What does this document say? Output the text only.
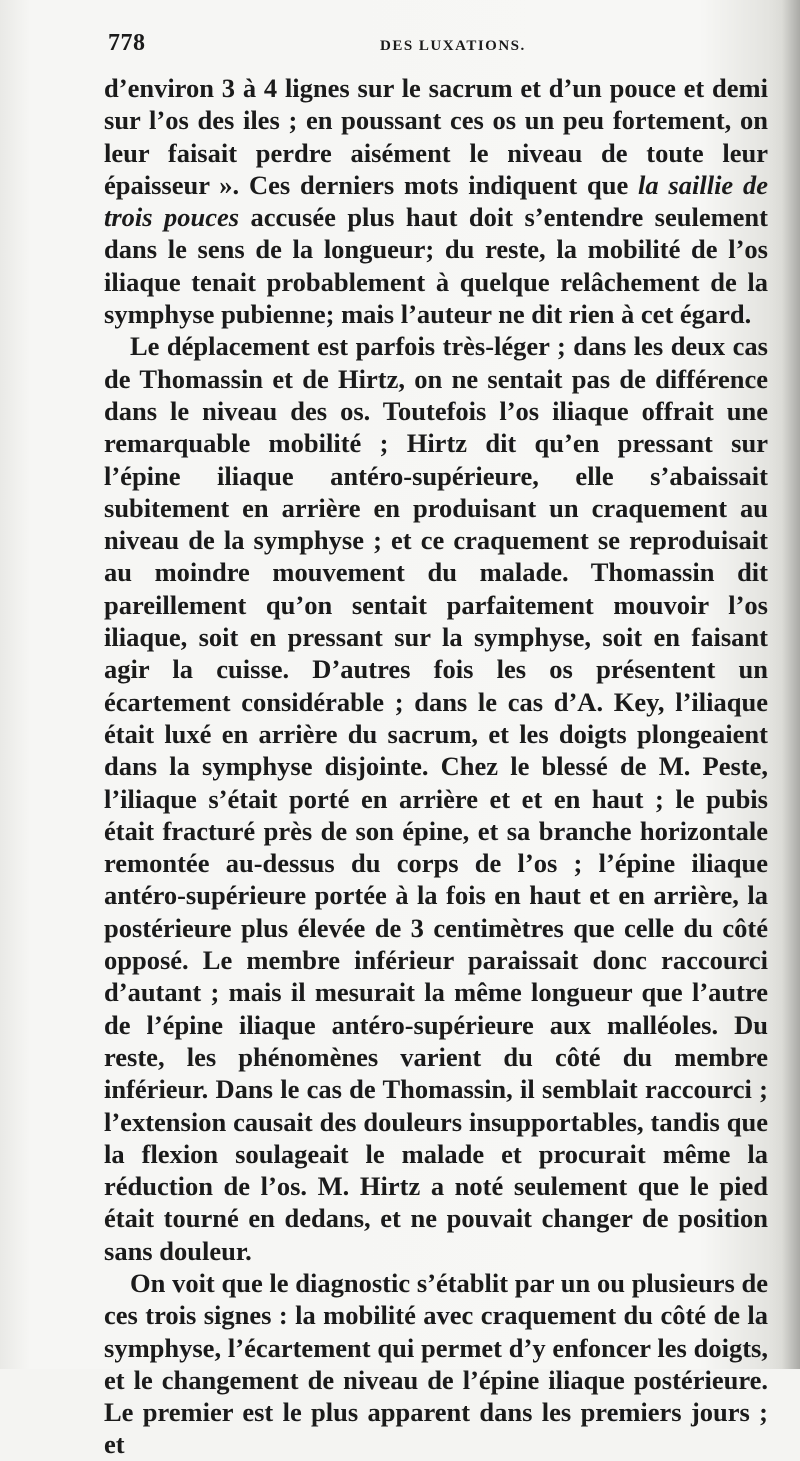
778	DES LUXATIONS.

d’environ 3 à 4 lignes sur le sacrum et d’un pouce et demi sur l’os des iles ; en poussant ces os un peu fortement, on leur faisait perdre aisément le niveau de toute leur épaisseur ». Ces derniers mots indiquent que la saillie de trois pouces accusée plus haut doit s’entendre seulement dans le sens de la longueur; du reste, la mobilité de l’os iliaque tenait probablement à quelque relâchement de la symphyse pubienne; mais l’auteur ne dit rien à cet égard.

Le déplacement est parfois très-léger ; dans les deux cas de Thomassin et de Hirtz, on ne sentait pas de différence dans le niveau des os. Toutefois l’os iliaque offrait une remarquable mobilité ; Hirtz dit qu’en pressant sur l’épine iliaque antéro-supérieure, elle s’abaissait subitement en arrière en produisant un craquement au niveau de la symphyse ; et ce craquement se reproduisait au moindre mouvement du malade. Thomassin dit pareillement qu’on sentait parfaitement mouvoir l’os iliaque, soit en pressant sur la symphyse, soit en faisant agir la cuisse. D’autres fois les os présentent un écartement considérable ; dans le cas d’A. Key, l’iliaque était luxé en arrière du sacrum, et les doigts plongeaient dans la symphyse disjointe. Chez le blessé de M. Peste, l’iliaque s’était porté en arrière et et en haut ; le pubis était fracturé près de son épine, et sa branche horizontale remontée au-dessus du corps de l’os ; l’épine iliaque antéro-supérieure portée à la fois en haut et en arrière, la postérieure plus élevée de 3 centimètres que celle du côté opposé. Le membre inférieur paraissait donc raccourci d’autant ; mais il mesurait la même longueur que l’autre de l’épine iliaque antéro-supérieure aux malléoles. Du reste, les phénomènes varient du côté du membre inférieur. Dans le cas de Thomassin, il semblait raccourci ; l’extension causait des douleurs insupportables, tandis que la flexion soulageait le malade et procurait même la réduction de l’os. M. Hirtz a noté seulement que le pied était tourné en dedans, et ne pouvait changer de position sans douleur.

On voit que le diagnostic s’établit par un ou plusieurs de ces trois signes : la mobilité avec craquement du côté de la symphyse, l’écartement qui permet d’y enfoncer les doigts, et le changement de niveau de l’épine iliaque postérieure. Le premier est le plus apparent dans les premiers jours ; et
